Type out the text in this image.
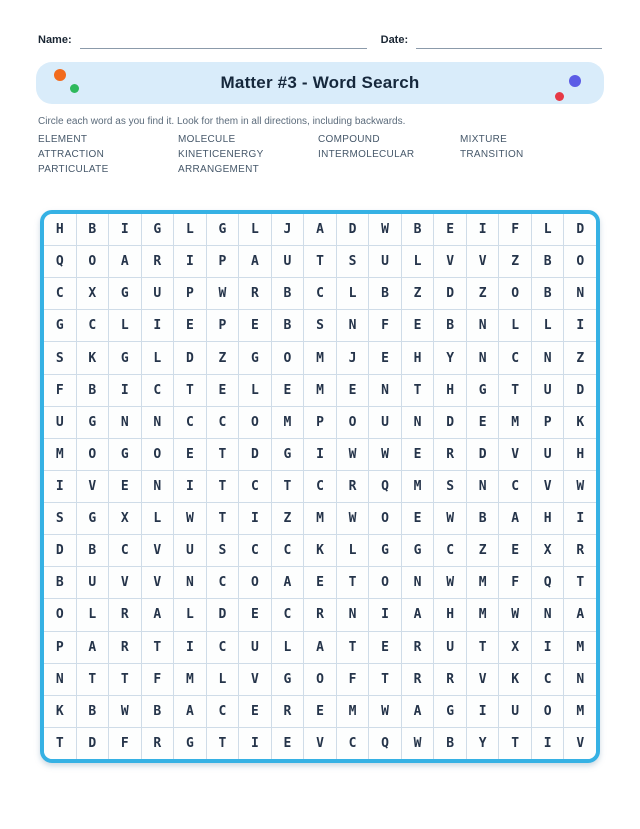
Name:	Date:
Matter #3 - Word Search
Circle each word as you find it. Look for them in all directions, including backwards.
ELEMENT	MOLECULE	COMPOUND	MIXTURE
ATTRACTION	KINETICENERGY	INTERMOLECULAR	TRANSITION
PARTICULATE	ARRANGEMENT
H	B	I	G	L	G	L	J	A	D	W	B	E	I	F	L	D
Q	O	A	R	I	P	A	U	T	S	U	L	V	V	Z	B	O
C	X	G	U	P	W	R	B	C	L	B	Z	D	Z	O	B	N
G	C	L	I	E	P	E	B	S	N	F	E	B	N	L	L	I
S	K	G	L	D	Z	G	O	M	J	E	H	Y	N	C	N	Z
F	B	I	C	T	E	L	E	M	E	N	T	H	G	T	U	D
U	G	N	N	C	C	O	M	P	O	U	N	D	E	M	P	K
M	O	G	O	E	T	D	G	I	W	W	E	R	D	V	U	H
I	V	E	N	I	T	C	T	C	R	Q	M	S	N	C	V	W
S	G	X	L	W	T	I	Z	M	W	O	E	W	B	A	H	I
D	B	C	V	U	S	C	C	K	L	G	G	C	Z	E	X	R
B	U	V	V	N	C	O	A	E	T	O	N	W	M	F	Q	T
O	L	R	A	L	D	E	C	R	N	I	A	H	M	W	N	A
P	A	R	T	I	C	U	L	A	T	E	R	U	T	X	I	M
N	T	T	F	M	L	V	G	O	F	T	R	R	V	K	C	N
K	B	W	B	A	C	E	R	E	M	W	A	G	I	U	O	M
T	D	F	R	G	T	I	E	V	C	Q	W	B	Y	T	I	V
